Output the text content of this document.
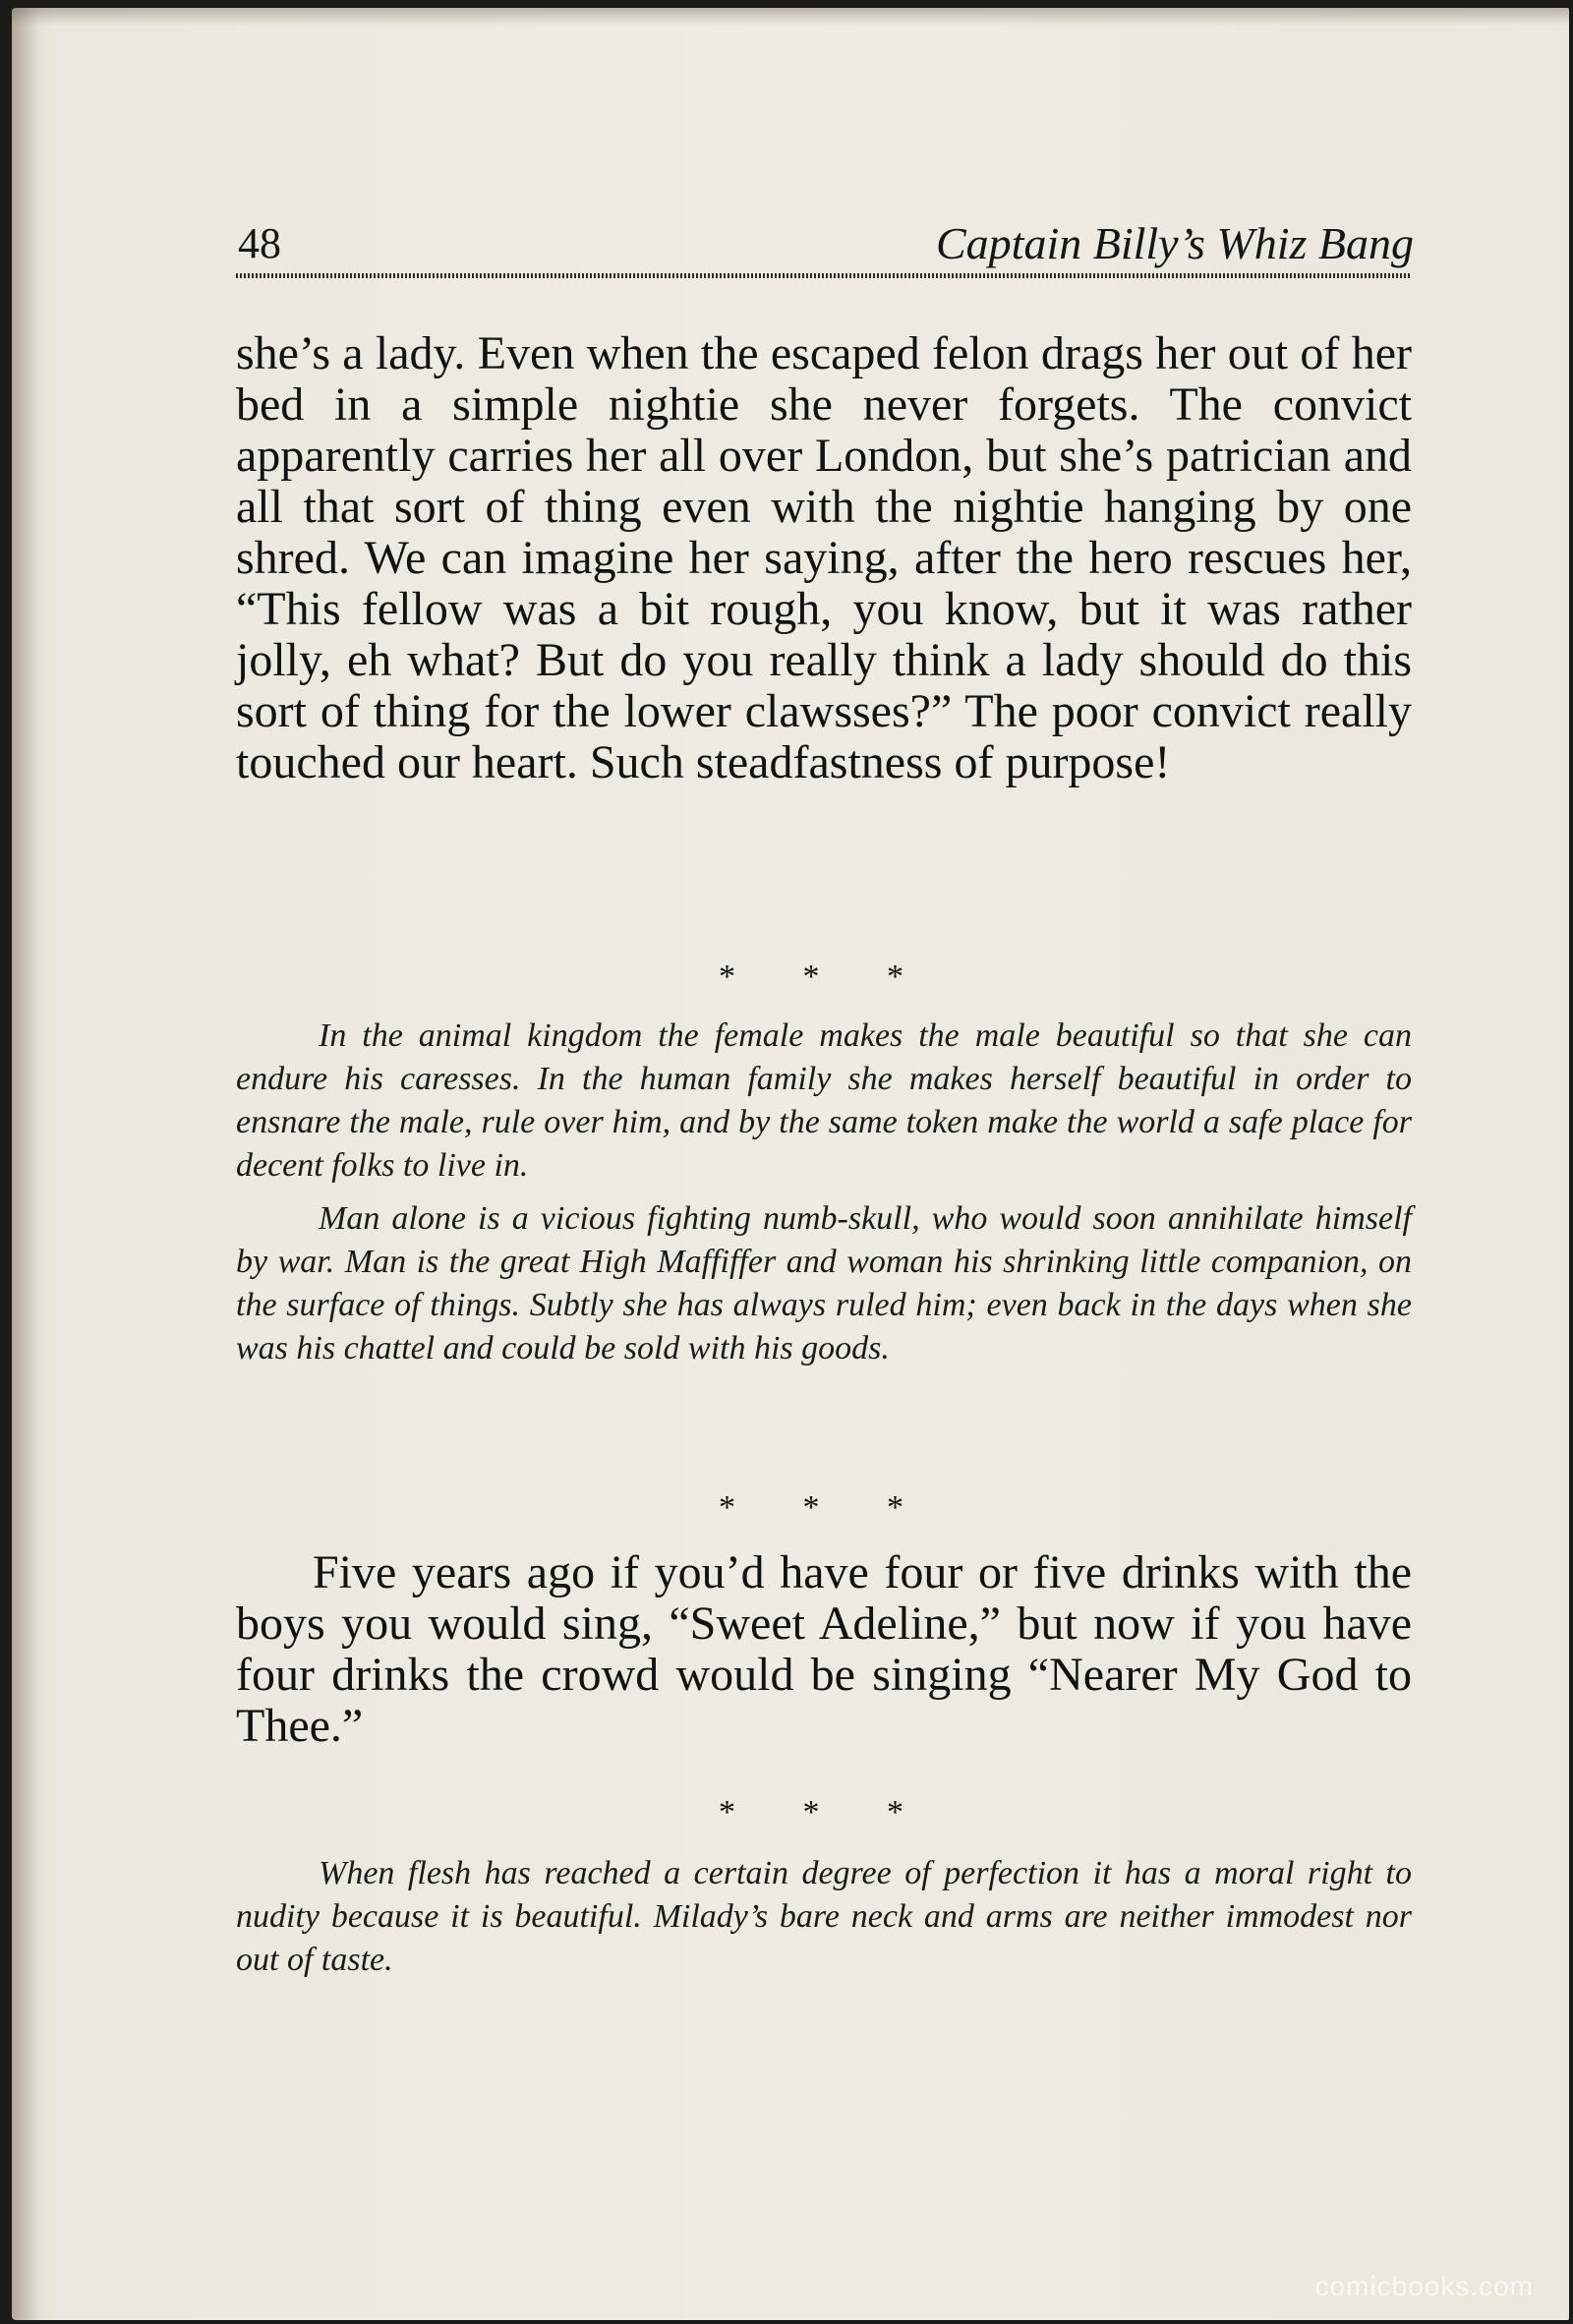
48	Captain Billy’s Whiz Bang

she’s a lady. Even when the escaped felon drags her out of her bed in a simple nightie she never forgets. The convict apparently carries her all over London, but she’s patrician and all that sort of thing even with the nightie hanging by one shred. We can imagine her saying, after the hero rescues her, “This fellow was a bit rough, you know, but it was rather jolly, eh what? But do you really think a lady should do this sort of thing for the lower clawsses?” The poor convict really touched our heart. Such steadfastness of purpose!

* * *

In the animal kingdom the female makes the male beautiful so that she can endure his caresses. In the human family she makes herself beautiful in order to ensnare the male, rule over him, and by the same token make the world a safe place for decent folks to live in.

Man alone is a vicious fighting numb-skull, who would soon annihilate himself by war. Man is the great High Maffiffer and woman his shrinking little companion, on the surface of things. Subtly she has always ruled him; even back in the days when she was his chattel and could be sold with his goods.

* * *

Five years ago if you’d have four or five drinks with the boys you would sing, “Sweet Adeline,” but now if you have four drinks the crowd would be singing “Nearer My God to Thee.”

* * *

When flesh has reached a certain degree of perfection it has a moral right to nudity because it is beautiful. Milady’s bare neck and arms are neither immodest nor out of taste.

comicbooks.com
